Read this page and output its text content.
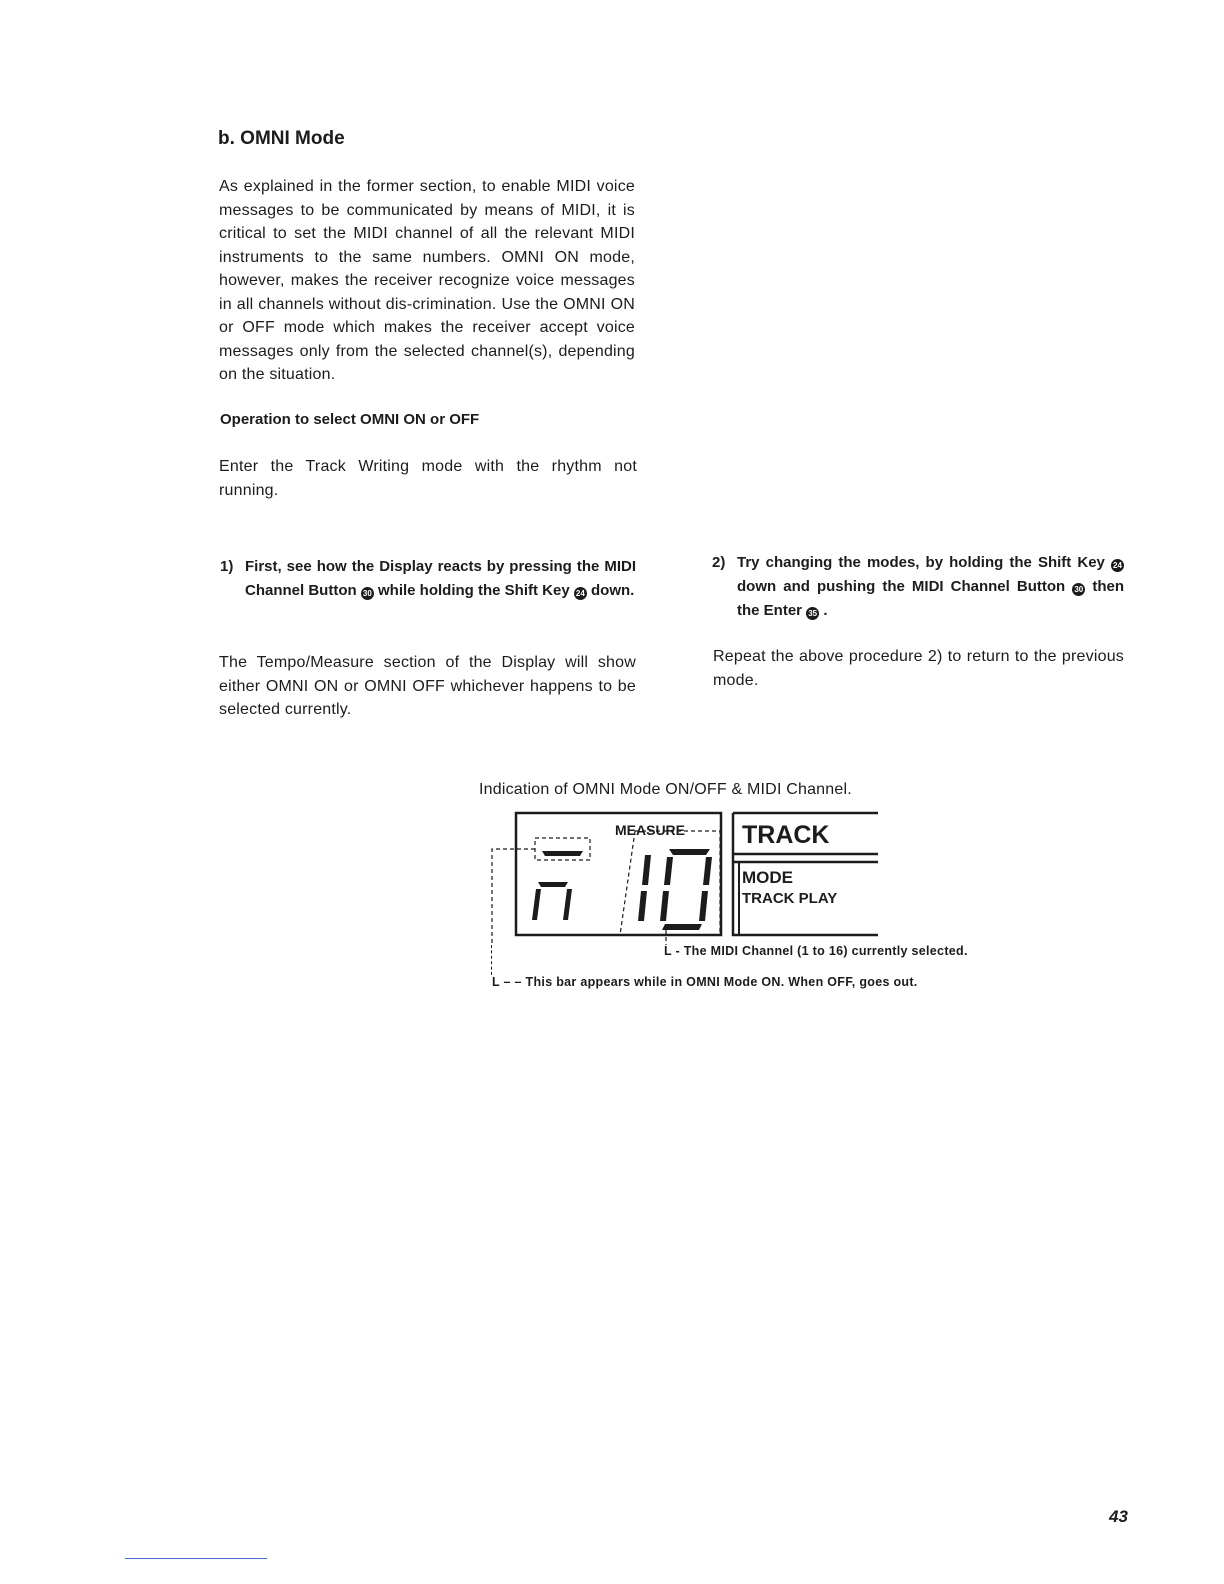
b. OMNI Mode

As explained in the former section, to enable MIDI voice messages to be communicated by means of MIDI, it is critical to set the MIDI channel of all the relevant MIDI instruments to the same numbers. OMNI ON mode, however, makes the receiver recognize voice messages in all channels without dis-crimination. Use the OMNI ON or OFF mode which makes the receiver accept voice messages only from the selected channel(s), depending on the situation.

Operation to select OMNI ON or OFF

Enter the Track Writing mode with the rhythm not running.

1) First, see how the Display reacts by pressing the MIDI Channel Button 30 while holding the Shift Key 24 down.

The Tempo/Measure section of the Display will show either OMNI ON or OMNI OFF whichever happens to be selected currently.

2) Try changing the modes, by holding the Shift Key 24 down and pushing the MIDI Channel Button 30 then the Enter 35 .

Repeat the above procedure 2) to return to the previous mode.

Indication of OMNI Mode ON/OFF & MIDI Channel.

MEASURE TRACK
MODE
TRACK PLAY

L - The MIDI Channel (1 to 16) currently selected.

L – – This bar appears while in OMNI Mode ON. When OFF, goes out.

43
